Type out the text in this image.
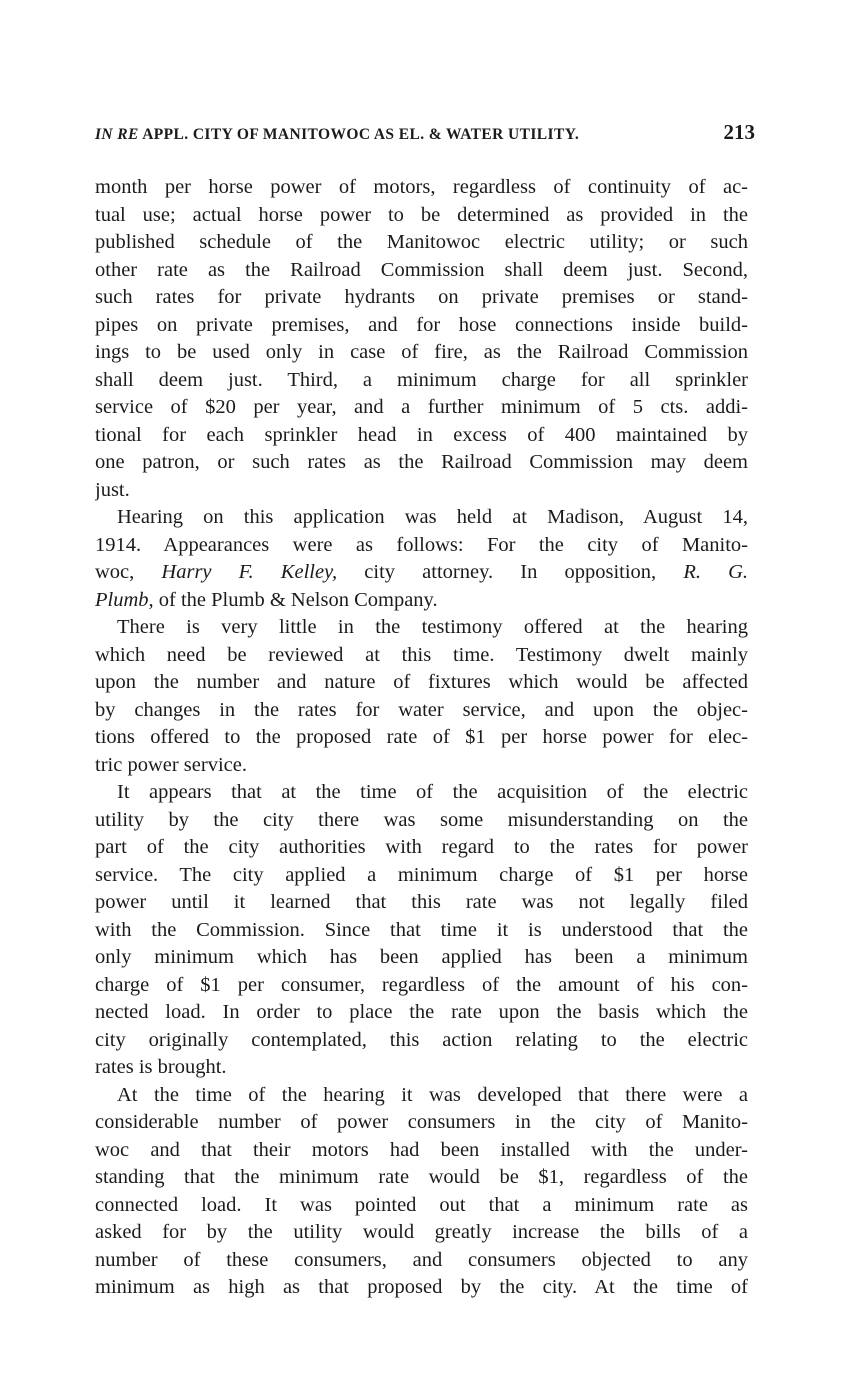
IN RE APPL. CITY OF MANITOWOC AS EL. & WATER UTILITY.	213
month per horse power of motors, regardless of continuity of ac-
tual use; actual horse power to be determined as provided in the
published schedule of the Manitowoc electric utility; or such
other rate as the Railroad Commission shall deem just. Second,
such rates for private hydrants on private premises or stand-
pipes on private premises, and for hose connections inside build-
ings to be used only in case of fire, as the Railroad Commission
shall deem just. Third, a minimum charge for all sprinkler
service of $20 per year, and a further minimum of 5 cts. addi-
tional for each sprinkler head in excess of 400 maintained by
one patron, or such rates as the Railroad Commission may deem
just.
Hearing on this application was held at Madison, August 14,
1914. Appearances were as follows: For the city of Manito-
woc, Harry F. Kelley, city attorney. In opposition, R. G.
Plumb, of the Plumb & Nelson Company.
There is very little in the testimony offered at the hearing
which need be reviewed at this time. Testimony dwelt mainly
upon the number and nature of fixtures which would be affected
by changes in the rates for water service, and upon the objec-
tions offered to the proposed rate of $1 per horse power for elec-
tric power service.
It appears that at the time of the acquisition of the electric
utility by the city there was some misunderstanding on the
part of the city authorities with regard to the rates for power
service. The city applied a minimum charge of $1 per horse
power until it learned that this rate was not legally filed
with the Commission. Since that time it is understood that the
only minimum which has been applied has been a minimum
charge of $1 per consumer, regardless of the amount of his con-
nected load. In order to place the rate upon the basis which the
city originally contemplated, this action relating to the electric
rates is brought.
At the time of the hearing it was developed that there were a
considerable number of power consumers in the city of Manito-
woc and that their motors had been installed with the under-
standing that the minimum rate would be $1, regardless of the
connected load. It was pointed out that a minimum rate as
asked for by the utility would greatly increase the bills of a
number of these consumers, and consumers objected to any
minimum as high as that proposed by the city. At the time of
